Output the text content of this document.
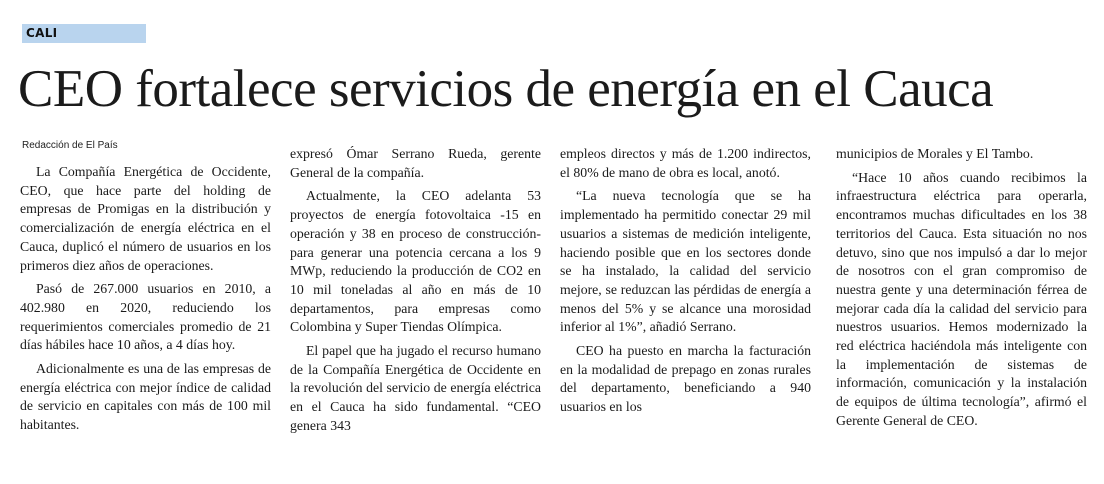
CALI
CEO fortalece servicios de energía en el Cauca
Redacción de El País

La Compañía Energética de Occidente, CEO, que hace parte del holding de empresas de Promigas en la distribución y comercialización de energía eléctrica en el Cauca, duplicó el número de usuarios en los primeros diez años de operaciones.

Pasó de 267.000 usuarios en 2010, a 402.980 en 2020, reduciendo los requerimientos comerciales promedio de 21 días hábiles hace 10 años, a 4 días hoy.

Adicionalmente es una de las empresas de energía eléctrica con mejor índice de calidad de servicio en capitales con más de 100 mil habitantes.

expresó Ómar Serrano Rueda, gerente General de la compañía.

Actualmente, la CEO adelanta 53 proyectos de energía fotovoltaica -15 en operación y 38 en proceso de construcción- para generar una potencia cercana a los 9 MWp, reduciendo la producción de CO2 en 10 mil toneladas al año en más de 10 departamentos, para empresas como Colombina y Super Tiendas Olímpica.

El papel que ha jugado el recurso humano de la Compañía Energética de Occidente en la revolución del servicio de energía eléctrica en el Cauca ha sido fundamental. “CEO genera 343

empleos directos y más de 1.200 indirectos, el 80% de mano de obra es local, anotó.

“La nueva tecnología que se ha implementado ha permitido conectar 29 mil usuarios a sistemas de medición inteligente, haciendo posible que en los sectores donde se ha instalado, la calidad del servicio mejore, se reduzcan las pérdidas de energía a menos del 5% y se alcance una morosidad inferior al 1%”, añadió Serrano.

CEO ha puesto en marcha la facturación en la modalidad de prepago en zonas rurales del departamento, beneficiando a 940 usuarios en los

municipios de Morales y El Tambo.

“Hace 10 años cuando recibimos la infraestructura eléctrica para operarla, encontramos muchas dificultades en los 38 territorios del Cauca. Esta situación no nos detuvo, sino que nos impulsó a dar lo mejor de nosotros con el gran compromiso de nuestra gente y una determinación férrea de mejorar cada día la calidad del servicio para nuestros usuarios. Hemos modernizado la red eléctrica haciéndola más inteligente con la implementación de sistemas de información, comunicación y la instalación de equipos de última tecnología”, afirmó el Gerente General de CEO.
